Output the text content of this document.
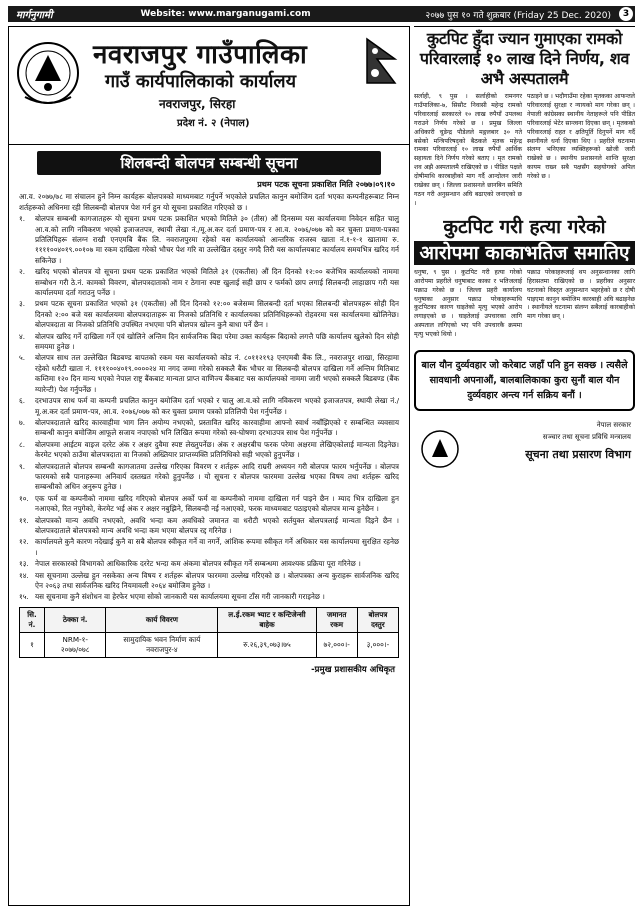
मार्गनुगामी	Website: www.marganugami.com	२०७७ पुस १० गते शुक्रबार (Friday 25 Dec. 2020)	3
नवराजपुर गाउँपालिका
गाउँ कार्यपालिकाको कार्यालय
नवराजपुर, सिरहा
प्रदेश नं. २ (नेपाल)
शिलबन्दी बोलपत्र सम्बन्धी सूचना
प्रथम पटक सूचना प्रकाशित मिति २०७७।०९।१०

आ.व. २०७७/७८ मा संचालन हुने निम्न कार्यहरू बोलपत्रको माध्यमबाट गर्नुपर्ने भएकोले प्रचलित कानुन बमोजिम दर्ता भएका कम्पनीहरूबाट निम्न शर्तहरूको अधिनमा रही सिलबन्दी बोलपत्र पेश गर्न हुन यो सूचना प्रकाशित गरिएको छ ।

१.	बोलपत्र सम्बन्धी कागजातहरू यो सूचना प्रथम पटक प्रकाशित भएको मितिले ३० (तीस) औं दिनसम्म यस कार्यालयमा निवेदन सहित चालु आ.व.को लागि नविकरण भएको इजाजतपत्र, स्थायी लेखा नं./मू.अ.कर दर्ता प्रमाण-पत्र र आ.व. २०७६/०७७ को कर चुक्ता प्रमाण-पत्रका प्रतिलिपिहरू संलग्न राखी एनएमबि बैंक लि. नवराजपुरमा रहेको यस कार्यालयको आन्तरिक राजस्व खाता नं.१-१-१ खातामा रु. ११११००४०१९.००१०७ मा रकम दाखिला गरेको भौचर पेश गरि वा उल्लेखित दस्तुर नगदै तिरी यस कार्यालयबाट कार्यालय समयभित्र खरिद गर्न सकिनेछ ।
२.	खरिद भएको बोलपत्र यो सूचना प्रथम पटक प्रकाशित भएको मितिले ३१ (एकतीस) औं दिन दिनको १२:०० बजेभित्र कार्यालयको नाममा सम्बोधन गरी ठे.नं. कामको विवरण, बोलपत्रदाताको नाम र ठेगाना स्पष्ट खुलाई सही छाप र फर्मको छाप लगाई सिलबन्दी लाहाछाप गरी यस कार्यालयमा दर्ता गराउनु पर्नेछ ।
३.	प्रथम पटक सूचना प्रकाशित भएको ३१ (एकतीस) औं दिन दिनको १२:०० बजेसम्म सिलबन्दी दर्ता भएका सिलबन्दी बोलपत्रहरू सोही दिन दिनको २:०० बजे यस कार्यालयमा बोलपत्रदाताहरू वा निजको प्रतिनिधि र कार्यालयका प्रतिनिधिहरूको रोहवरमा यस कार्यालयमा खोलिनेछ। बोलपत्रदाता वा निजको प्रतिनिधि उपस्थित नभएमा पनि बोलपत्र खोल्न कुनै बाधा पर्ने छैन ।
४.	बोलपत्र खरिद गर्ने दाखिला गर्ने एवं खोलिने अन्तिम दिन सार्वजनिक बिदा परेमा उक्त कार्यहरू बिदाको लगत्तै पछि कार्यालय खुलेको दिन सोही समयमा हुनेछ ।
५.	बोलपत्र साथ तल उल्लेखित बिडबण्ड बापतको रकम यस कार्यालयको कोड नं. ८०११२१९३ एनएमबी बैंक लि., नवराजपुर शाखा, सिरहामा रहेको धरौटी खाता नं. ११११००४०१९.००००२४ मा नगद जम्मा गरेको सक्कलै बैंक भौचर वा सिलबन्दी बोलपत्र दाखिला गर्ने अन्तिम मितिबाट कम्तिमा १२० दिन मान्य भएको नेपाल राष्ट्र बैंकबाट मान्यता प्राप्त वाणिज्य बैंकबाट यस कार्यालयको नाममा जारी भएको सक्कलै बिडबण्ड (बैंक ग्यारेन्टी) पेश गर्नुपर्नेछ ।
६.	दरभाउपत्र साथ फर्म वा कम्पनी प्रचलित कानुन बमोजिम दर्ता भएको र चालु आ.व.को लागि नविकरण भएको इजाजतपत्र, स्थायी लेखा नं./मू.अ.कर दर्ता प्रमाण-पत्र, आ.व. २०७६/०७७ को कर चुक्ता प्रमाण पत्रको प्रतिलिपी पेश गर्नुपर्नेछ ।
७.	बोलपत्रदाताले खरिद कारवाहीमा भाग लिन अयोग्य नभएको, प्रस्तावित खरिद कारवाहीमा आफ्नो स्वार्थ नबाँझिएको र सम्बन्धित व्यवसाय सम्बन्धी कानुन बमोजिम आफूले सजाय नपाएको भनि लिखित रूपमा गरेको स्व-घोषणा दरभाउपत्र साथ पेश गर्नुपर्नेछ ।
८.	बोलपत्रमा आईटम वाइज दररेट अंक र अक्षर दुवैमा स्पष्ट लेख्नुपर्नेछ। अंक र अक्षरबीच फरक परेमा अक्षरमा लेखिएकोलाई मान्यता दिइनेछ। केरमेट भएको ठाउँमा बोलपत्रदाता वा निजको अख्तियार प्राप्तव्यक्ति प्रतिनिधिको सही भएको हुनुपर्नेछ ।
९.	बोलपत्रदाताले बोलपत्र सम्बन्धी कागजातमा उल्लेख गरिएका विवरण र शर्तहरू आदि राम्ररी अध्ययन गरी बोलपत्र फारम भर्नुपर्नेछ । बोलपत्र फारमको सबै पानाहरूमा अनिवार्य दस्तखत गरेको हुनुपर्नेछ । यो सूचना र बोलपत्र फारममा उल्लेख भएका विषय तथा शर्तहरू खरिद सम्बन्धीको अधिन अनुरूप हुनेछ ।
१०. एक फर्म वा कम्पनीको नाममा खरिद गरिएको बोलपत्र अर्को फर्म वा कम्पनीको नाममा दाखिला गर्न पाइने छैन । म्याद भित्र दाखिला हुन नआएको, रित नपुगेको, केरमेट भई अंक र अक्षर नबुझिने, सिलबन्दी नई नआएको, फरक माध्यमबाट पठाइएको बोलपत्र मान्य हुनेछैन ।
११. बोलपत्रको मान्य अवधि नभएको, अवधि भन्दा कम अवधिको जमानत वा धरौटी भएको सर्तयुक्त बोलपत्रलाई मान्यता दिइने छैन । बोलपत्रदाताले बोलपत्रको मान्य अवधि भन्दा कम भएमा बोलपत्र रद्द गरिनेछ ।
१२. कार्यालयले कुनै कारण नदेखाई कुनै वा सबै बोलपत्र स्वीकृत गर्ने वा नगर्ने, आंशिक रूपमा स्वीकृत गर्ने अधिकार यस कार्यालयमा सुरक्षित रहनेछ ।
१३. नेपाल सरकारको विभागको आधिकारिक दररेट भन्दा कम अंकमा बोलपत्र स्वीकृत गर्ने सम्बन्धमा आवश्यक प्रक्रिया पूरा गरिनेछ ।
१४. यस सूचनामा उल्लेख हुन नसकेका अन्य विषय र शर्तहरू बोलपत्र फारममा उल्लेख गरिएको छ । बोलपत्रका अन्य कुराहरू सार्वजनिक खरिद ऐन २०६३ तथा सार्वजनिक खरिद नियमावली २०६४ बमोजिम हुनेछ ।
१५. यस सूचनामा कुनै संशोधन वा हेरफेर भएमा सोको जानकारी यस कार्यालयमा सूचना टाँस गरी जानकारी गराइनेछ ।
सि. नं.	ठेक्का नं.	कार्य विवरण	ल.ई.रकम भ्याट र कन्टिजेन्सी बाहेक	जमानत रकम	बोलपत्र दस्तुर
१	NRM-१- २०७७/०७८	सामुदायिक भवन निर्माण कार्य नवराजपुर-४	रु.२६,३९,०७३।७५	७२,०००।-	३,०००।-
-प्रमुख प्रशासकीय अधिकृत
कुटपिट हुँदा ज्यान गुमाएका रामको परिवारलाई १० लाख दिने निर्णय, शव अभै अस्पतालमै
सर्लाही, ९ पुस । सर्लाहीको रामनगर गाउँपालिका-७, सिसौट निवासी महेन्द्र रामको परिवारलाई सरकारले १० लाख रुपैयाँ उपलब्ध गराउने निर्णय गरेको छ । प्रमुख जिल्ला अधिकारी चुडेन्द्र पौडेलले मङ्गलबार ३० गते बसेको मन्त्रिपरिषद्को बैठकले मृतक महेन्द्र रामका परिवारलाई १० लाख रुपैयाँ आर्थिक सहायता दिने निर्णय गरेको बताए । मृत रामको शव अझै अस्पतालमै राखिएको छ । पीडित पक्षले दोषीमाथि कारबाहीको माग गर्दै आन्दोलन जारी राखेका छन् । जिल्ला प्रशासनले छानबिन समिति गठन गरी अनुसन्धान अघि बढाएको जनाएको छ ।
पठाइने छ । भदौगाउँमा रहेका मृतकका आफन्तले परिवारलाई सुरक्षा र न्यायको माग गरेका छन् । नेपाली कांग्रेसका स्थानीय नेताहरूले पनि पीडित परिवारलाई भेटेर सान्त्वना दिएका छन् । मृतकको परिवारलाई राहत र क्षतिपूर्ति दिनुपर्ने माग गर्दै स्थानीयले धर्ना दिएका थिए । प्रहरीले घटनामा संलग्न भनिएका व्यक्तिहरूको खोजी जारी राखेको छ । स्थानीय प्रशासनले शान्ति सुरक्षा कायम राख्न सबै पक्षसँग सहयोगको अपिल गरेको छ ।
कुटपिट गरी हत्या गरेको
आरोपमा काकाभतिज समातिए
धनुषा, ९ पुस । कुटपिट गरी हत्या गरेको आरोपमा प्रहरीले धनुषाबाट काका र भतिजलाई पक्राउ गरेको छ । जिल्ला प्रहरी कार्यालय धनुषाका अनुसार पक्राउ परेकाहरूमाथि कुटपिटका कारण घाइतेको मृत्यु भएको आरोप लगाइएको छ । घाइतेलाई उपचारका लागि अस्पताल लगिएको भए पनि उपचारकै क्रममा मृत्यु भएको थियो ।
पक्राउ परेकाहरूलाई थप अनुसन्धानका लागि हिरासतमा राखिएको छ । प्रहरीका अनुसार घटनाको विस्तृत अनुसन्धान भइरहेको छ र दोषी पाइएमा कानुन बमोजिम कारबाही अघि बढाइनेछ । स्थानीयले घटनामा संलग्न सबैलाई कारबाहीको माग गरेका छन् ।
बाल यौन दुर्व्यवहार जो करेबाट जहाँ पनि हुन सक्छ । त्यसैले सावधानी अपनाऔं, बालबालिकाका कुरा सुनौं बाल यौन दुर्व्यवहार अन्त्य गर्न सक्रिय बनौं ।
नेपाल सरकार
सञ्चार तथा सूचना प्रविधि मन्त्रालय
सूचना तथा प्रसारण विभाग
